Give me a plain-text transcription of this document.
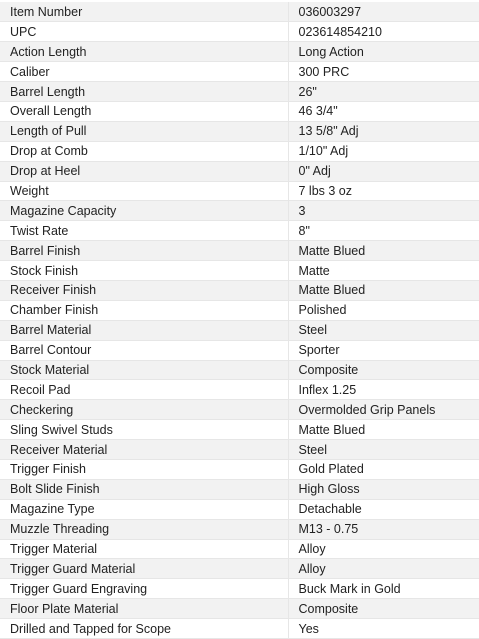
Item Number	036003297
UPC	023614854210
Action Length	Long Action
Caliber	300 PRC
Barrel Length	26"
Overall Length	46 3/4"
Length of Pull	13 5/8" Adj
Drop at Comb	1/10" Adj
Drop at Heel	0" Adj
Weight	7 lbs 3 oz
Magazine Capacity	3
Twist Rate	8"
Barrel Finish	Matte Blued
Stock Finish	Matte
Receiver Finish	Matte Blued
Chamber Finish	Polished
Barrel Material	Steel
Barrel Contour	Sporter
Stock Material	Composite
Recoil Pad	Inflex 1.25
Checkering	Overmolded Grip Panels
Sling Swivel Studs	Matte Blued
Receiver Material	Steel
Trigger Finish	Gold Plated
Bolt Slide Finish	High Gloss
Magazine Type	Detachable
Muzzle Threading	M13 - 0.75
Trigger Material	Alloy
Trigger Guard Material	Alloy
Trigger Guard Engraving	Buck Mark in Gold
Floor Plate Material	Composite
Drilled and Tapped for Scope	Yes
